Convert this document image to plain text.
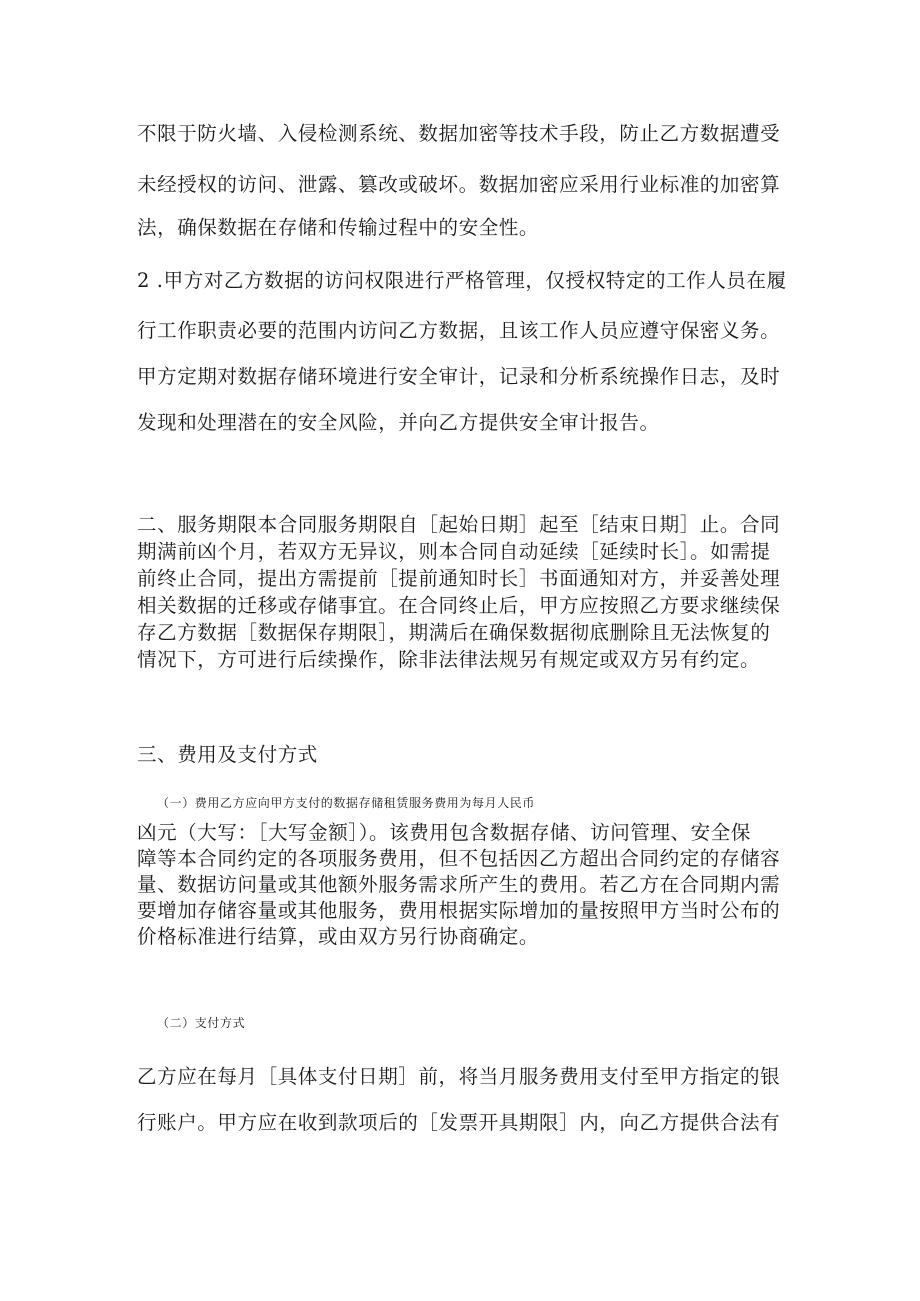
不限于防火墙、入侵检测系统、数据加密等技术手段，防止乙方数据遭受

未经授权的访问、泄露、篡改或破坏。数据加密应采用行业标准的加密算

法，确保数据在存储和传输过程中的安全性。

2 .甲方对乙方数据的访问权限进行严格管理，仅授权特定的工作人员在履

行工作职责必要的范围内访问乙方数据，且该工作人员应遵守保密义务。

甲方定期对数据存储环境进行安全审计，记录和分析系统操作日志，及时

发现和处理潜在的安全风险，并向乙方提供安全审计报告。

二、服务期限本合同服务期限自［起始日期］起至［结束日期］止。合同

期满前凶个月，若双方无异议，则本合同自动延续［延续时长］。如需提

前终止合同，提出方需提前［提前通知时长］书面通知对方，并妥善处理

相关数据的迁移或存储事宜。在合同终止后，甲方应按照乙方要求继续保

存乙方数据［数据保存期限］，期满后在确保数据彻底删除且无法恢复的

情况下，方可进行后续操作，除非法律法规另有规定或双方另有约定。

三、费用及支付方式

（一）费用乙方应向甲方支付的数据存储租赁服务费用为每月人民币

凶元（大写：［大写金额］）。该费用包含数据存储、访问管理、安全保

障等本合同约定的各项服务费用，但不包括因乙方超出合同约定的存储容

量、数据访问量或其他额外服务需求所产生的费用。若乙方在合同期内需

要增加存储容量或其他服务，费用根据实际增加的量按照甲方当时公布的

价格标准进行结算，或由双方另行协商确定。

（二）支付方式

乙方应在每月［具体支付日期］前，将当月服务费用支付至甲方指定的银

行账户。甲方应在收到款项后的［发票开具期限］内，向乙方提供合法有
